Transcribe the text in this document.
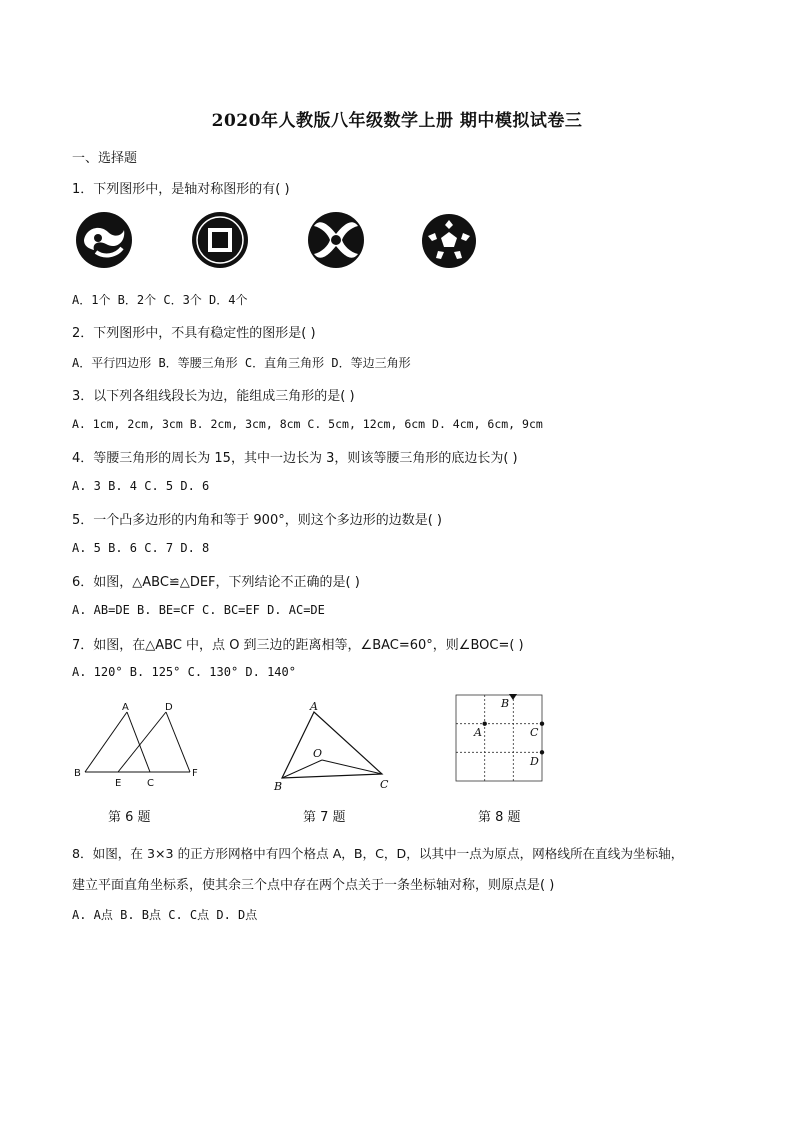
2020年人教版八年级数学上册 期中模拟试卷三
一、选择题
1．下列图形中，是轴对称图形的有( )
A．1个 B．2个 C．3个 D．4个
2．下列图形中，不具有稳定性的图形是( )
A．平行四边形 B．等腰三角形 C．直角三角形 D．等边三角形
3．以下列各组线段长为边，能组成三角形的是( )
A. 1cm, 2cm, 3cm B. 2cm, 3cm, 8cm C. 5cm, 12cm, 6cm D. 4cm, 6cm, 9cm
4．等腰三角形的周长为 15，其中一边长为 3，则该等腰三角形的底边长为( )
A. 3 B. 4 C. 5 D. 6
5．一个凸多边形的内角和等于 900°，则这个多边形的边数是( )
A. 5 B. 6 C. 7 D. 8
6．如图，△ABC≌△DEF，下列结论不正确的是( )
A. AB=DE B. BE=CF C. BC=EF D. AC=DE
7．如图，在△ABC 中，点 O 到三边的距离相等，∠BAC=60°，则∠BOC=( )
A. 120° B. 125° C. 130° D. 140°
A	D
B
E	C
F
第 6 题
A
B	C
O
第 7 题
B
A	C
D
第 8 题
8．如图，在 3×3 的正方形网格中有四个格点 A，B，C，D，以其中一点为原点，网格线所在直线为坐标轴，
建立平面直角坐标系，使其余三个点中存在两个点关于一条坐标轴对称，则原点是( )
A. A点 B. B点 C. C点 D. D点
